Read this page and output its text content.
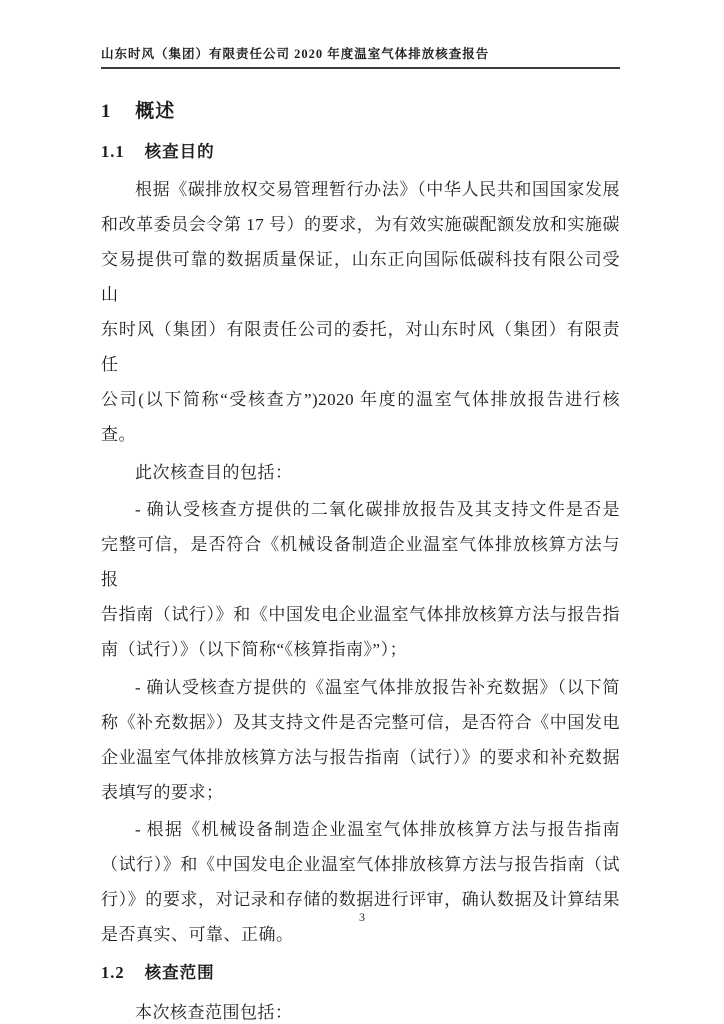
山东时风（集团）有限责任公司 2020 年度温室气体排放核查报告
1 概述
1.1 核查目的
根据《碳排放权交易管理暂行办法》（中华人民共和国国家发展
和改革委员会令第 17 号）的要求，为有效实施碳配额发放和实施碳
交易提供可靠的数据质量保证，山东正向国际低碳科技有限公司受山
东时风（集团）有限责任公司的委托，对山东时风（集团）有限责任
公司(以下简称“受核查方”)2020 年度的温室气体排放报告进行核查。
此次核查目的包括：
- 确认受核查方提供的二氧化碳排放报告及其支持文件是否是
完整可信，是否符合《机械设备制造企业温室气体排放核算方法与报
告指南（试行）》和《中国发电企业温室气体排放核算方法与报告指
南（试行）》（以下简称“《核算指南》”）；
- 确认受核查方提供的《温室气体排放报告补充数据》（以下简
称《补充数据》）及其支持文件是否完整可信，是否符合《中国发电
企业温室气体排放核算方法与报告指南（试行）》的要求和补充数据
表填写的要求；
- 根据《机械设备制造企业温室气体排放核算方法与报告指南
（试行）》和《中国发电企业温室气体排放核算方法与报告指南（试
行）》的要求，对记录和存储的数据进行评审，确认数据及计算结果
是否真实、可靠、正确。
1.2 核查范围
本次核查范围包括：
3
